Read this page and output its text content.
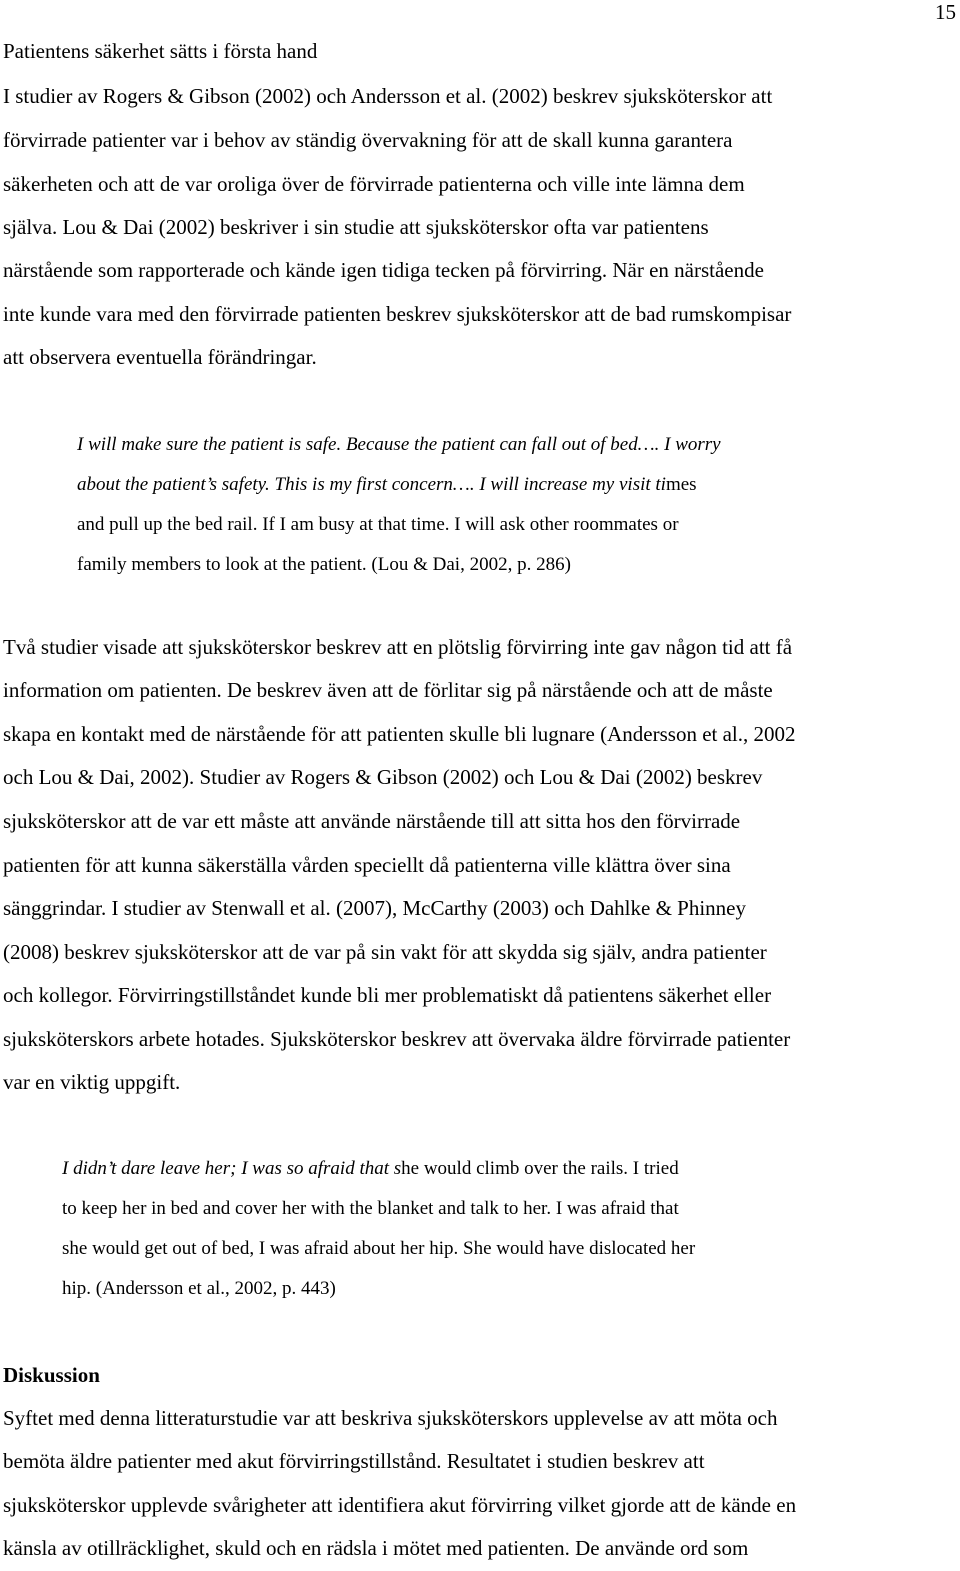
15

Patientens säkerhet sätts i första hand

I studier av Rogers & Gibson (2002) och Andersson et al. (2002) beskrev sjuksköterskor att

förvirrade patienter var i behov av ständig övervakning för att de skall kunna garantera

säkerheten och att de var oroliga över de förvirrade patienterna och ville inte lämna dem

själva. Lou & Dai (2002) beskriver i sin studie att sjuksköterskor ofta var patientens

närstående som rapporterade och kände igen tidiga tecken på förvirring. När en närstående

inte kunde vara med den förvirrade patienten beskrev sjuksköterskor att de bad rumskompisar

att observera eventuella förändringar.

I will make sure the patient is safe. Because the patient can fall out of bed…. I worry

about the patient’s safety. This is my first concern…. I will increase my visit times

and pull up the bed rail. If I am busy at that time. I will ask other roommates or

family members to look at the patient. (Lou & Dai, 2002, p. 286)

Två studier visade att sjuksköterskor beskrev att en plötslig förvirring inte gav någon tid att få

information om patienten. De beskrev även att de förlitar sig på närstående och att de måste

skapa en kontakt med de närstående för att patienten skulle bli lugnare (Andersson et al., 2002

och Lou & Dai, 2002). Studier av Rogers & Gibson (2002) och Lou & Dai (2002) beskrev

sjuksköterskor att de var ett måste att använde närstående till att sitta hos den förvirrade

patienten för att kunna säkerställa vården speciellt då patienterna ville klättra över sina

sänggrindar. I studier av Stenwall et al. (2007), McCarthy (2003) och Dahlke & Phinney

(2008) beskrev sjuksköterskor att de var på sin vakt för att skydda sig själv, andra patienter

och kollegor. Förvirringstillståndet kunde bli mer problematiskt då patientens säkerhet eller

sjuksköterskors arbete hotades. Sjuksköterskor beskrev att övervaka äldre förvirrade patienter

var en viktig uppgift.

I didn’t dare leave her; I was so afraid that she would climb over the rails. I tried

to keep her in bed and cover her with the blanket and talk to her. I was afraid that

she would get out of bed, I was afraid about her hip. She would have dislocated her

hip. (Andersson et al., 2002, p. 443)

Diskussion

Syftet med denna litteraturstudie var att beskriva sjuksköterskors upplevelse av att möta och

bemöta äldre patienter med akut förvirringstillstånd. Resultatet i studien beskrev att

sjuksköterskor upplevde svårigheter att identifiera akut förvirring vilket gjorde att de kände en

känsla av otillräcklighet, skuld och en rädsla i mötet med patienten. De använde ord som
